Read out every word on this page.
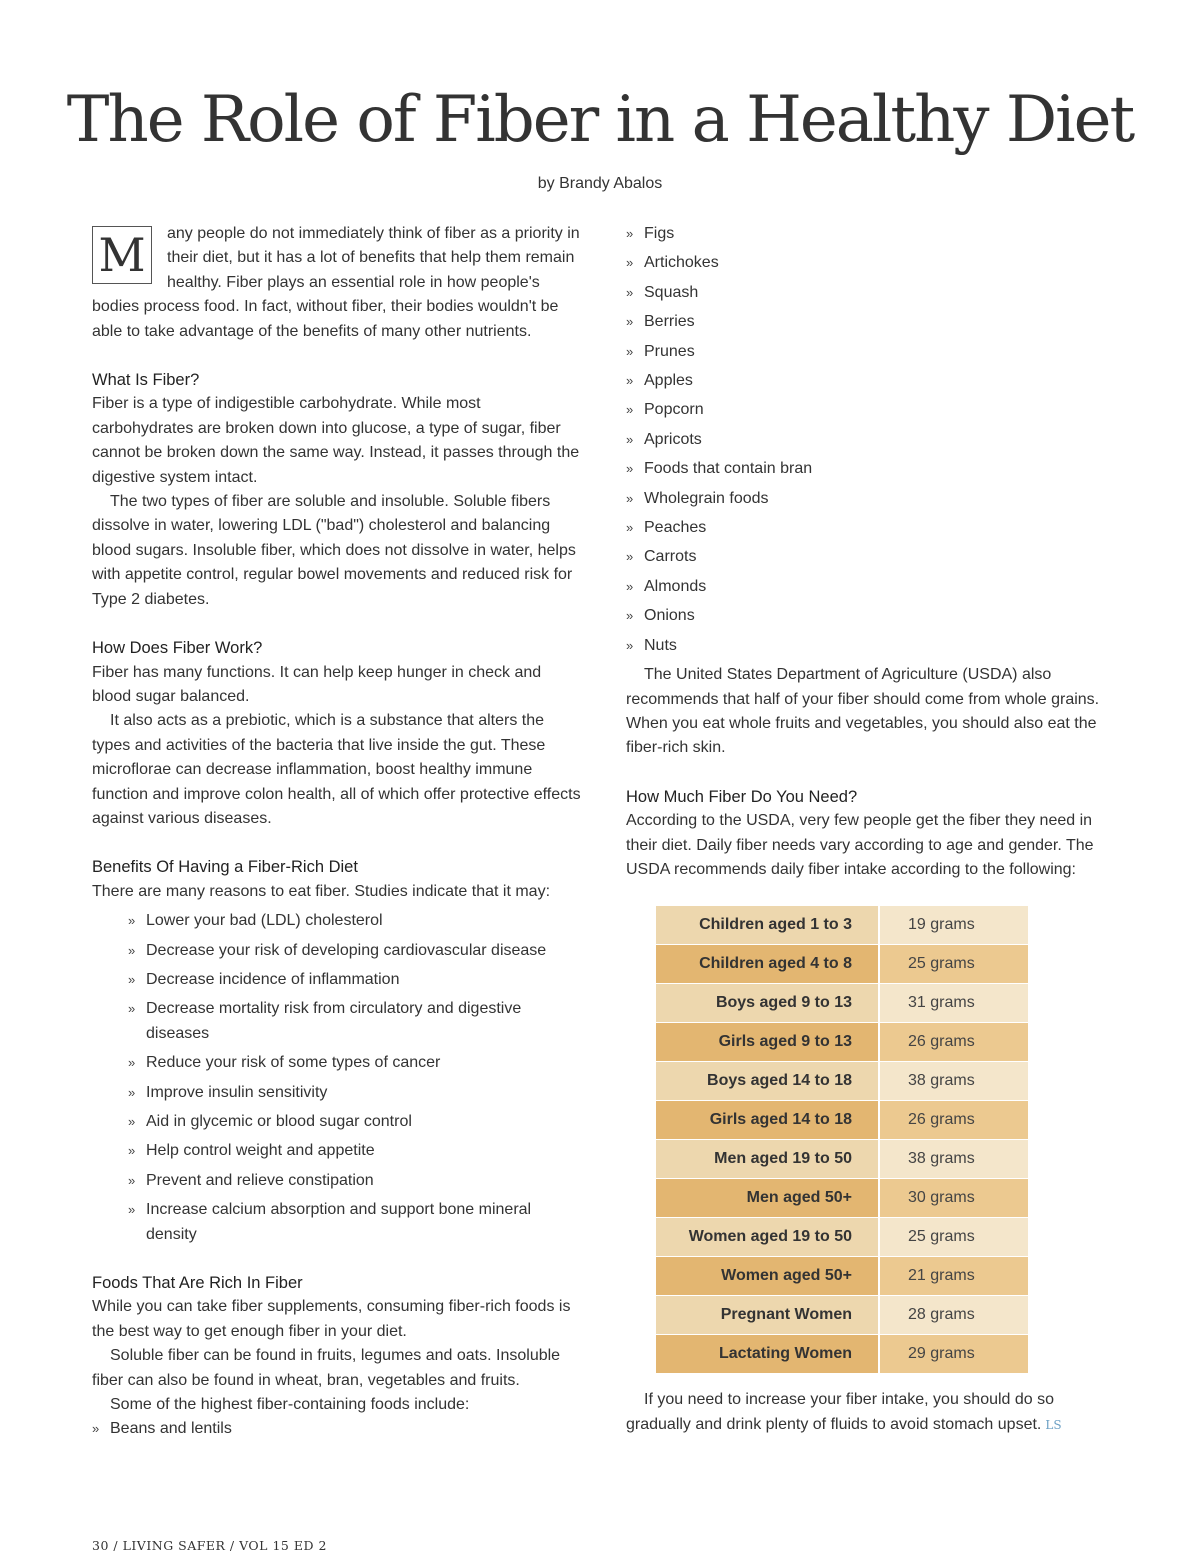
The Role of Fiber in a Healthy Diet
by Brandy Abalos
M	any people do not immediately think of fiber as a priority in their diet, but it has a lot of benefits that help them remain healthy. Fiber plays an essential role in how people's bodies process food. In fact, without fiber, their bodies wouldn't be able to take advantage of the benefits of many other nutrients.

What Is Fiber?

Fiber is a type of indigestible carbohydrate. While most carbohydrates are broken down into glucose, a type of sugar, fiber cannot be broken down the same way. Instead, it passes through the digestive system intact.

The two types of fiber are soluble and insoluble. Soluble fibers dissolve in water, lowering LDL ("bad") cholesterol and balancing blood sugars. Insoluble fiber, which does not dissolve in water, helps with appetite control, regular bowel movements and reduced risk for Type 2 diabetes.

How Does Fiber Work?

Fiber has many functions. It can help keep hunger in check and blood sugar balanced.

It also acts as a prebiotic, which is a substance that alters the types and activities of the bacteria that live inside the gut. These microflorae can decrease inflammation, boost healthy immune function and improve colon health, all of which offer protective effects against various diseases.

Benefits Of Having a Fiber-Rich Diet

There are many reasons to eat fiber. Studies indicate that it may:

» Lower your bad (LDL) cholesterol
» Decrease your risk of developing cardiovascular disease
» Decrease incidence of inflammation
» Decrease mortality risk from circulatory and digestive diseases
» Reduce your risk of some types of cancer
» Improve insulin sensitivity
» Aid in glycemic or blood sugar control
» Help control weight and appetite
» Prevent and relieve constipation
» Increase calcium absorption and support bone mineral density
Foods That Are Rich In Fiber

While you can take fiber supplements, consuming fiber-rich foods is the best way to get enough fiber in your diet.

Soluble fiber can be found in fruits, legumes and oats. Insoluble fiber can also be found in wheat, bran, vegetables and fruits.

Some of the highest fiber-containing foods include:

» Beans and lentils
» Figs
» Artichokes
» Squash
» Berries
» Prunes
» Apples
» Popcorn
» Apricots
» Foods that contain bran
» Wholegrain foods
» Peaches
» Carrots
» Almonds
» Onions
» Nuts

The United States Department of Agriculture (USDA) also recommends that half of your fiber should come from whole grains. When you eat whole fruits and vegetables, you should also eat the fiber-rich skin.

How Much Fiber Do You Need?

According to the USDA, very few people get the fiber they need in their diet. Daily fiber needs vary according to age and gender. The USDA recommends daily fiber intake according to the following:

Children aged 1 to 3	19 grams
Children aged 4 to 8	25 grams
Boys aged 9 to 13	31 grams
Girls aged 9 to 13	26 grams
Boys aged 14 to 18	38 grams
Girls aged 14 to 18	26 grams
Men aged 19 to 50	38 grams
Men aged 50+	30 grams
Women aged 19 to 50	25 grams
Women aged 50+	21 grams
Pregnant Women	28 grams
Lactating Women	29 grams

If you need to increase your fiber intake, you should do so gradually and drink plenty of fluids to avoid stomach upset. LS

30 / LIVING SAFER / VOL 15 ED 2
